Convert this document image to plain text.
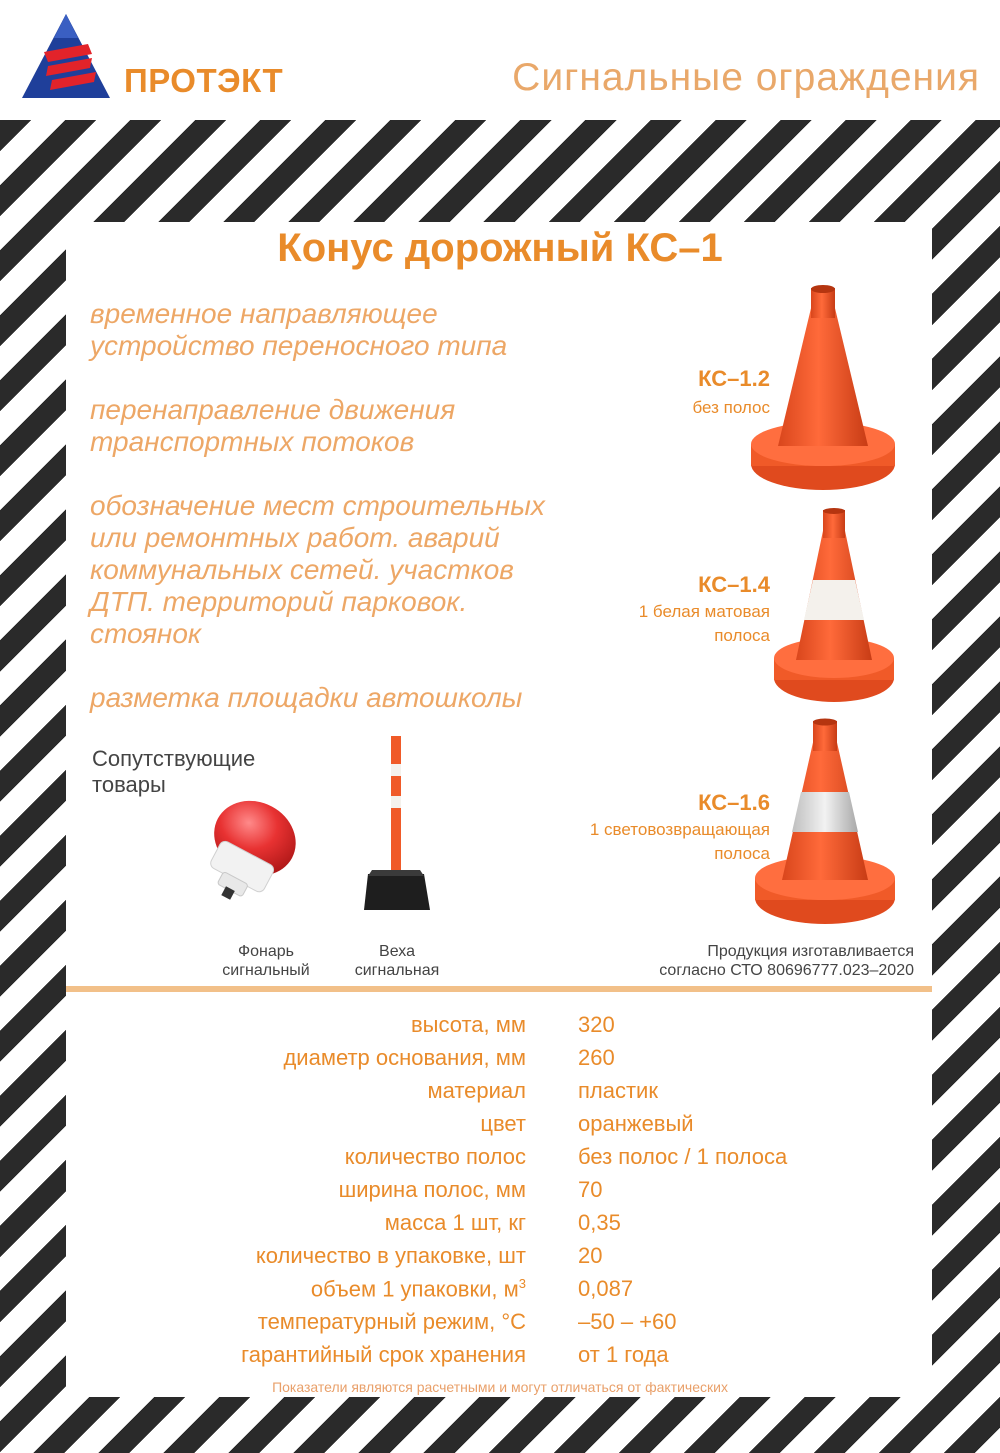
ПРОТЭКТ	Сигнальные ограждения
Конус дорожный КС–1

временное направляющее устройство переносного типа

перенаправление движения транспортных потоков

обозначение мест строительных или ремонтных работ. аварий коммунальных сетей. участков ДТП. территорий парковок. стоянок

разметка площадки автошколы

КС–1.2
без полос
КС–1.4
1 белая матовая
полоса
КС–1.6
1 световозвращающая
полоса
Сопутствующие
товары
Фонарь
сигнальный
Веха
сигнальная
Продукция изготавливается
согласно СТО 80696777.023–2020
высота, мм 320
диаметр основания, мм 260
материал пластик
цвет оранжевый
количество полос без полос / 1 полоса
ширина полос, мм 70
масса 1 шт, кг 0,35
количество в упаковке, шт 20
объем 1 упаковки, $м^3$ 0,087
температурный режим, °С –50 – +60
гарантийный срок хранения от 1 года
Показатели являются расчетными и могут отличаться от фактических
